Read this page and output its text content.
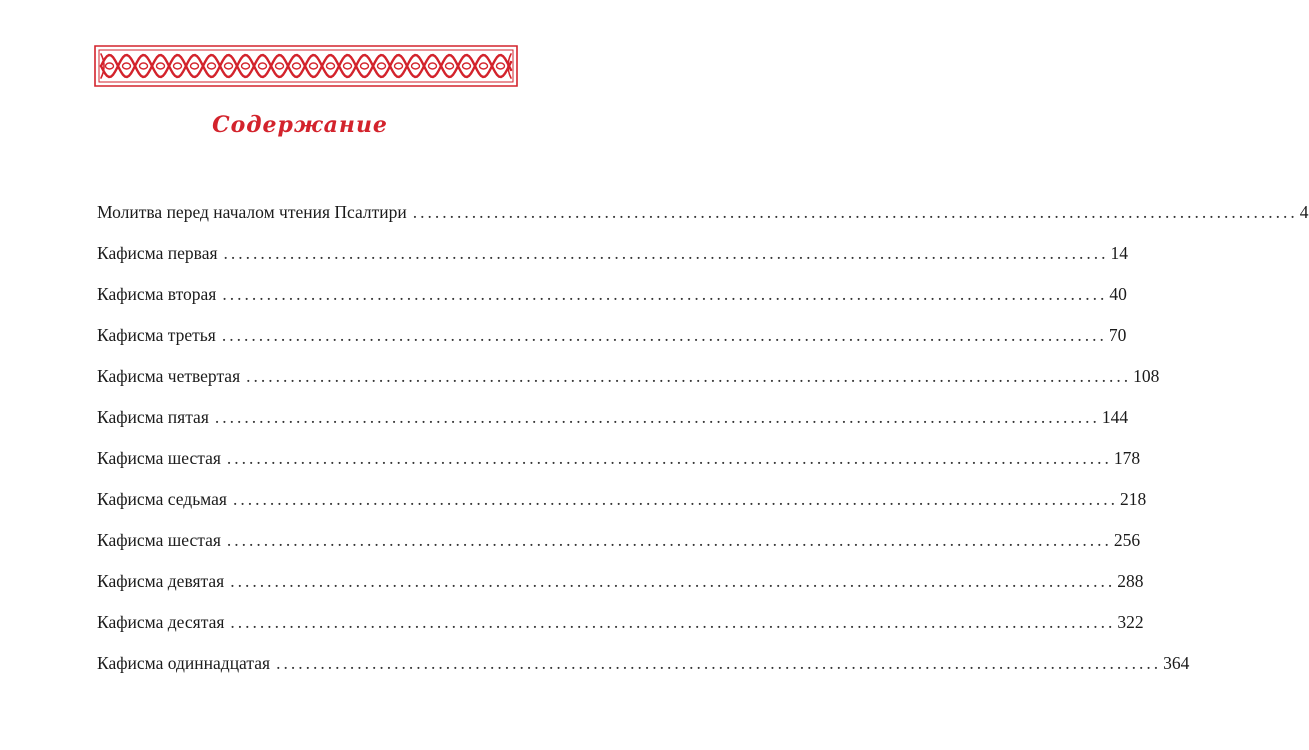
Содержание
Молитва перед началом чтения Псалтири ........................................................................................................................ 4
Кафисма первая ........................................................................................................................ 14
Кафисма вторая ........................................................................................................................ 40
Кафисма третья ........................................................................................................................ 70
Кафисма четвертая ........................................................................................................................ 108
Кафисма пятая ........................................................................................................................ 144
Кафисма шестая ........................................................................................................................ 178
Кафисма седьмая ........................................................................................................................ 218
Кафисма шестая ........................................................................................................................ 256
Кафисма девятая ........................................................................................................................ 288
Кафисма десятая ........................................................................................................................ 322
Кафисма одиннадцатая ........................................................................................................................ 364
